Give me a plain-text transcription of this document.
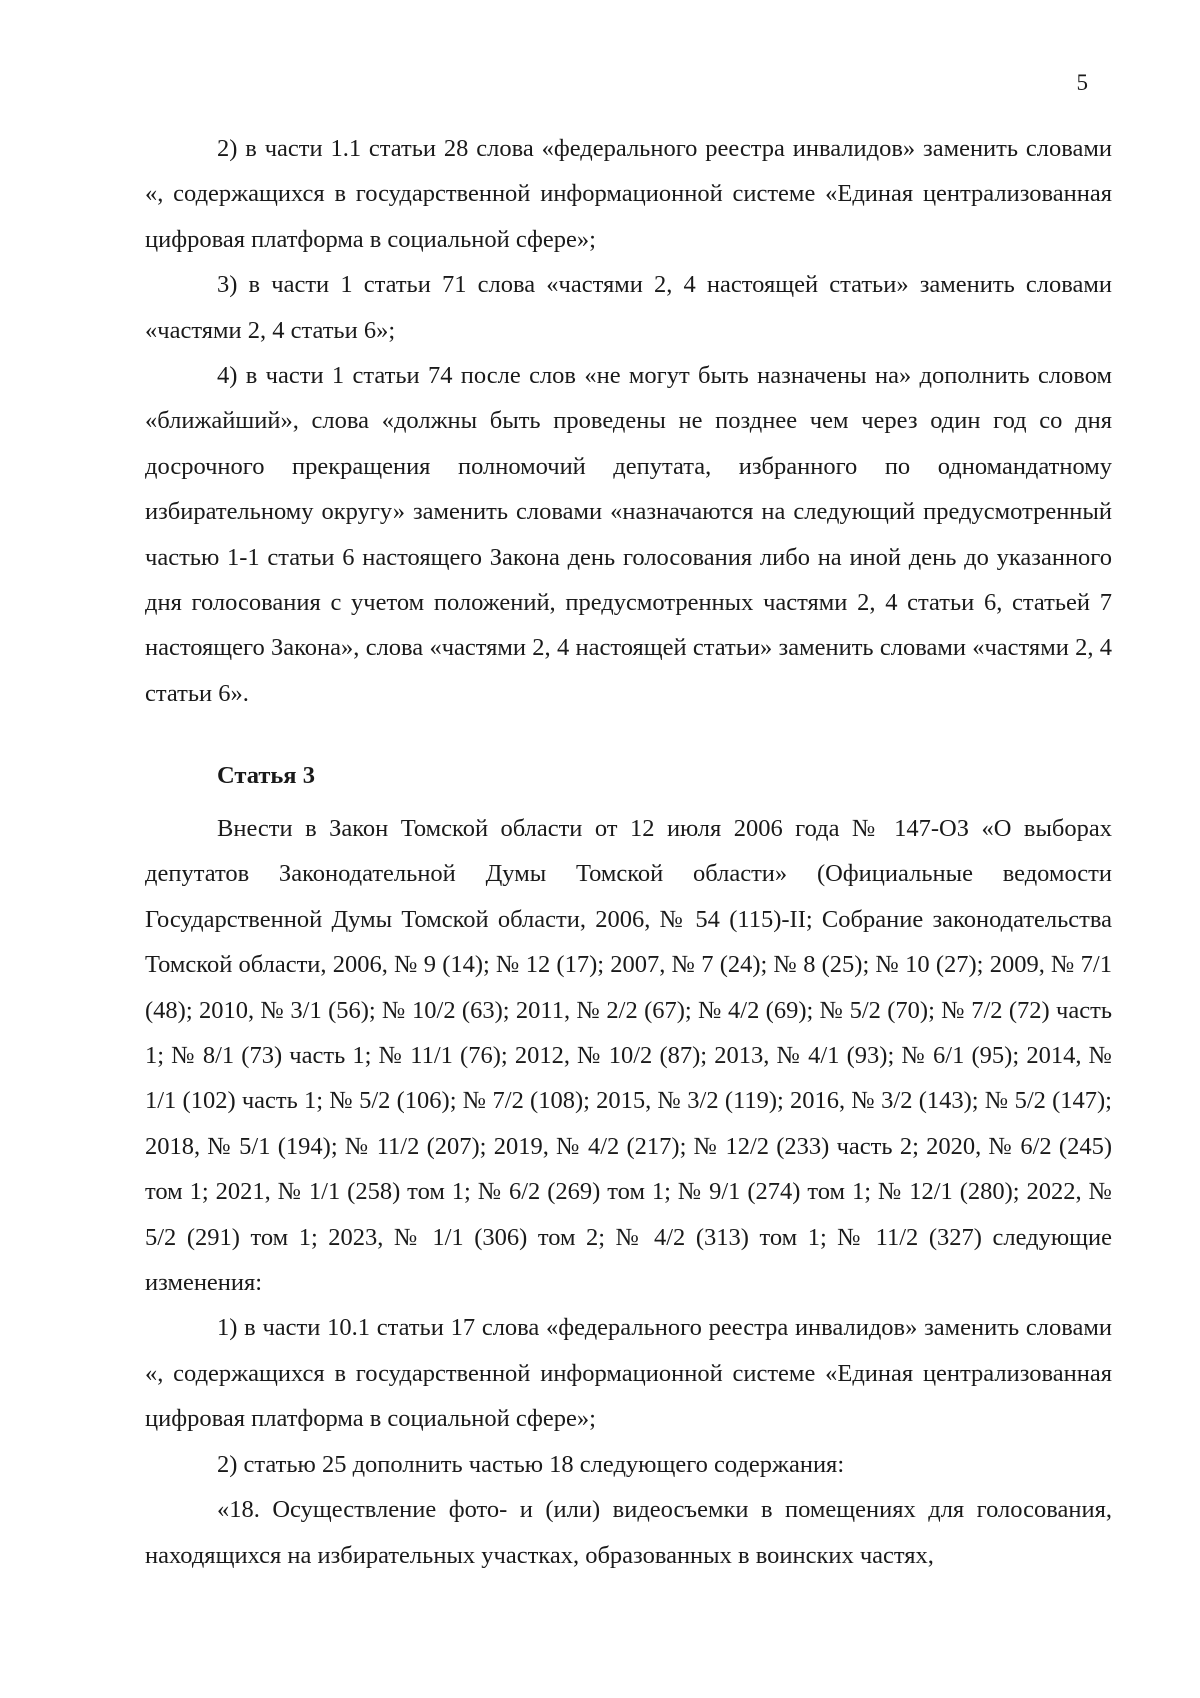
5

2) в части 1.1 статьи 28 слова «федерального реестра инвалидов» заменить словами «, содержащихся в государственной информационной системе «Единая централизованная цифровая платформа в социальной сфере»;

3) в части 1 статьи 71 слова «частями 2, 4 настоящей статьи» заменить словами «частями 2, 4 статьи 6»;

4) в части 1 статьи 74 после слов «не могут быть назначены на» дополнить словом «ближайший», слова «должны быть проведены не позднее чем через один год со дня досрочного прекращения полномочий депутата, избранного по одномандатному избирательному округу» заменить словами «назначаются на следующий предусмотренный частью 1-1 статьи 6 настоящего Закона день голосования либо на иной день до указанного дня голосования с учетом положений, предусмотренных частями 2, 4 статьи 6, статьей 7 настоящего Закона», слова «частями 2, 4 настоящей статьи» заменить словами «частями 2, 4 статьи 6».

Статья 3

Внести в Закон Томской области от 12 июля 2006 года № 147-ОЗ «О выборах депутатов Законодательной Думы Томской области» (Официальные ведомости Государственной Думы Томской области, 2006, № 54 (115)-II; Собрание законодательства Томской области, 2006, № 9 (14); № 12 (17); 2007, № 7 (24); № 8 (25); № 10 (27); 2009, № 7/1 (48); 2010, № 3/1 (56); № 10/2 (63); 2011, № 2/2 (67); № 4/2 (69); № 5/2 (70); № 7/2 (72) часть 1; № 8/1 (73) часть 1; № 11/1 (76); 2012, № 10/2 (87); 2013, № 4/1 (93); № 6/1 (95); 2014, № 1/1 (102) часть 1; № 5/2 (106); № 7/2 (108); 2015, № 3/2 (119); 2016, № 3/2 (143); № 5/2 (147); 2018, № 5/1 (194); № 11/2 (207); 2019, № 4/2 (217); № 12/2 (233) часть 2; 2020, № 6/2 (245) том 1; 2021, № 1/1 (258) том 1; № 6/2 (269) том 1; № 9/1 (274) том 1; № 12/1 (280); 2022, № 5/2 (291) том 1; 2023, № 1/1 (306) том 2; № 4/2 (313) том 1; № 11/2 (327) следующие изменения:

1) в части 10.1 статьи 17 слова «федерального реестра инвалидов» заменить словами «, содержащихся в государственной информационной системе «Единая централизованная цифровая платформа в социальной сфере»;

2) статью 25 дополнить частью 18 следующего содержания:

«18. Осуществление фото- и (или) видеосъемки в помещениях для голосования, находящихся на избирательных участках, образованных в воинских частях,
